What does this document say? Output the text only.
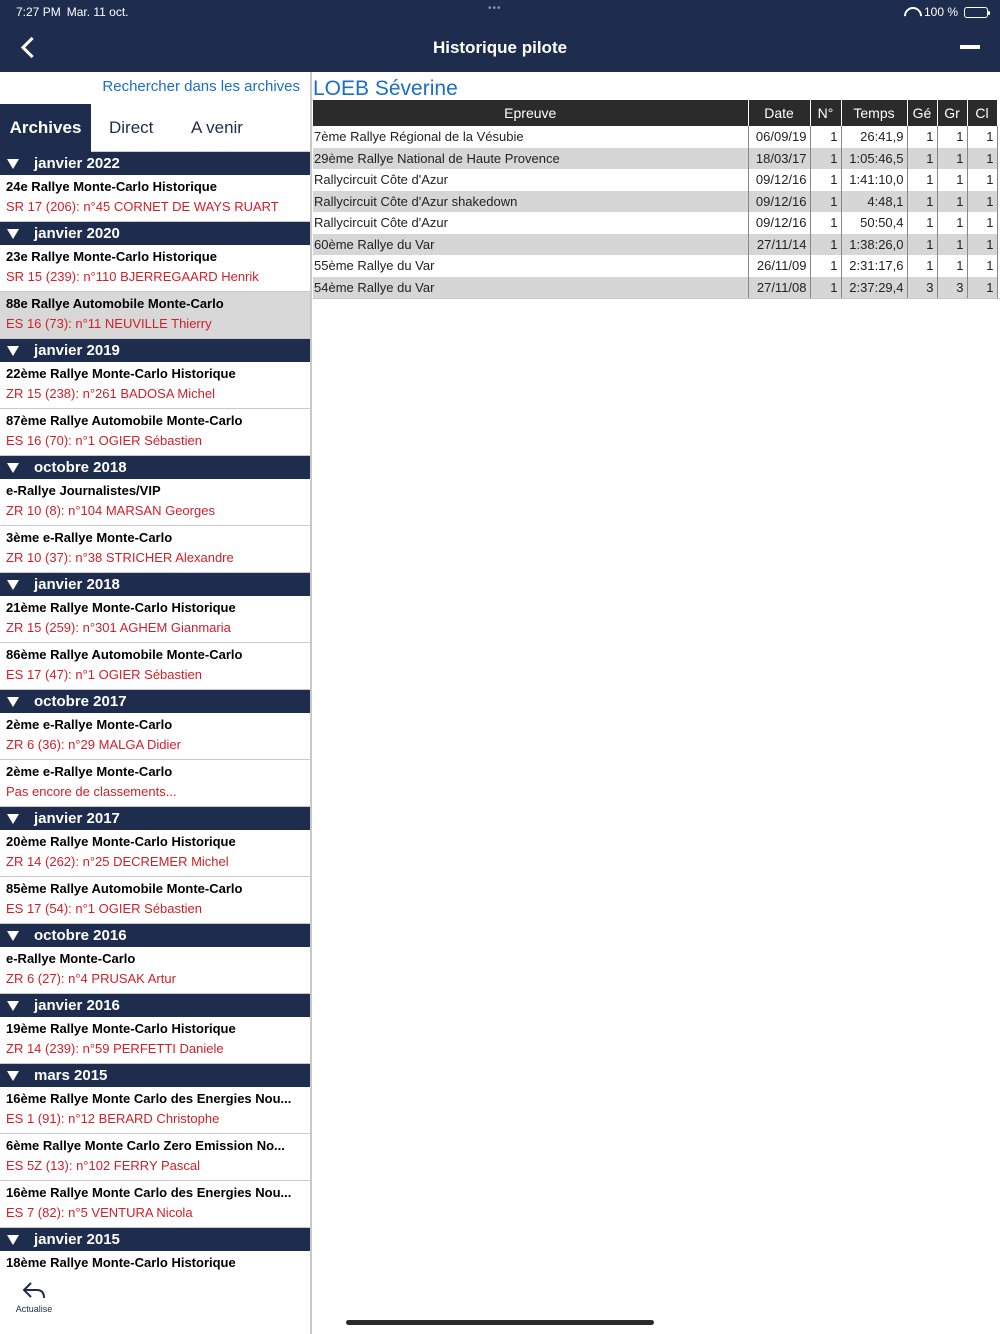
7:27 PM Mar. 11 oct.	•••	100 %
Historique pilote
Rechercher dans les archives
Archives	Direct A venir
janvier 2022
24e Rallye Monte-Carlo Historique
SR 17 (206): n°45 CORNET DE WAYS RUART
janvier 2020
23e Rallye Monte-Carlo Historique
SR 15 (239): n°110 BJERREGAARD Henrik
88e Rallye Automobile Monte-Carlo
ES 16 (73): n°11 NEUVILLE Thierry
janvier 2019
22ème Rallye Monte-Carlo Historique
ZR 15 (238): n°261 BADOSA Michel
87ème Rallye Automobile Monte-Carlo
ES 16 (70): n°1 OGIER Sébastien
octobre 2018
e-Rallye Journalistes/VIP
ZR 10 (8): n°104 MARSAN Georges
3ème e-Rallye Monte-Carlo
ZR 10 (37): n°38 STRICHER Alexandre
janvier 2018
21ème Rallye Monte-Carlo Historique
ZR 15 (259): n°301 AGHEM Gianmaria
86ème Rallye Automobile Monte-Carlo
ES 17 (47): n°1 OGIER Sébastien
octobre 2017
2ème e-Rallye Monte-Carlo
ZR 6 (36): n°29 MALGA Didier
2ème e-Rallye Monte-Carlo
Pas encore de classements...
janvier 2017
20ème Rallye Monte-Carlo Historique
ZR 14 (262): n°25 DECREMER Michel
85ème Rallye Automobile Monte-Carlo
ES 17 (54): n°1 OGIER Sébastien
octobre 2016
e-Rallye Monte-Carlo
ZR 6 (27): n°4 PRUSAK Artur
janvier 2016
19ème Rallye Monte-Carlo Historique
ZR 14 (239): n°59 PERFETTI Daniele
mars 2015
16ème Rallye Monte Carlo des Energies Nou...
ES 1 (91): n°12 BERARD Christophe
6ème Rallye Monte Carlo Zero Emission No...
ES 5Z (13): n°102 FERRY Pascal
16ème Rallye Monte Carlo des Energies Nou...
ES 7 (82): n°5 VENTURA Nicola
janvier 2015
18ème Rallye Monte-Carlo Historique
Actualise
LOEB Séverine
Epreuve	Date	N°	Temps	Gé	Gr	Cl
7ème Rallye Régional de la Vésubie	06/09/19	1	26:41,9	1	1	1
29ème Rallye National de Haute Provence	18/03/17	1	1:05:46,5	1	1	1
Rallycircuit Côte d'Azur	09/12/16	1	1:41:10,0	1	1	1
Rallycircuit Côte d'Azur shakedown	09/12/16	1	4:48,1	1	1	1
Rallycircuit Côte d'Azur	09/12/16	1	50:50,4	1	1	1
60ème Rallye du Var	27/11/14	1	1:38:26,0	1	1	1
55ème Rallye du Var	26/11/09	1	2:31:17,6	1	1	1
54ème Rallye du Var	27/11/08	1	2:37:29,4	3	3	1
